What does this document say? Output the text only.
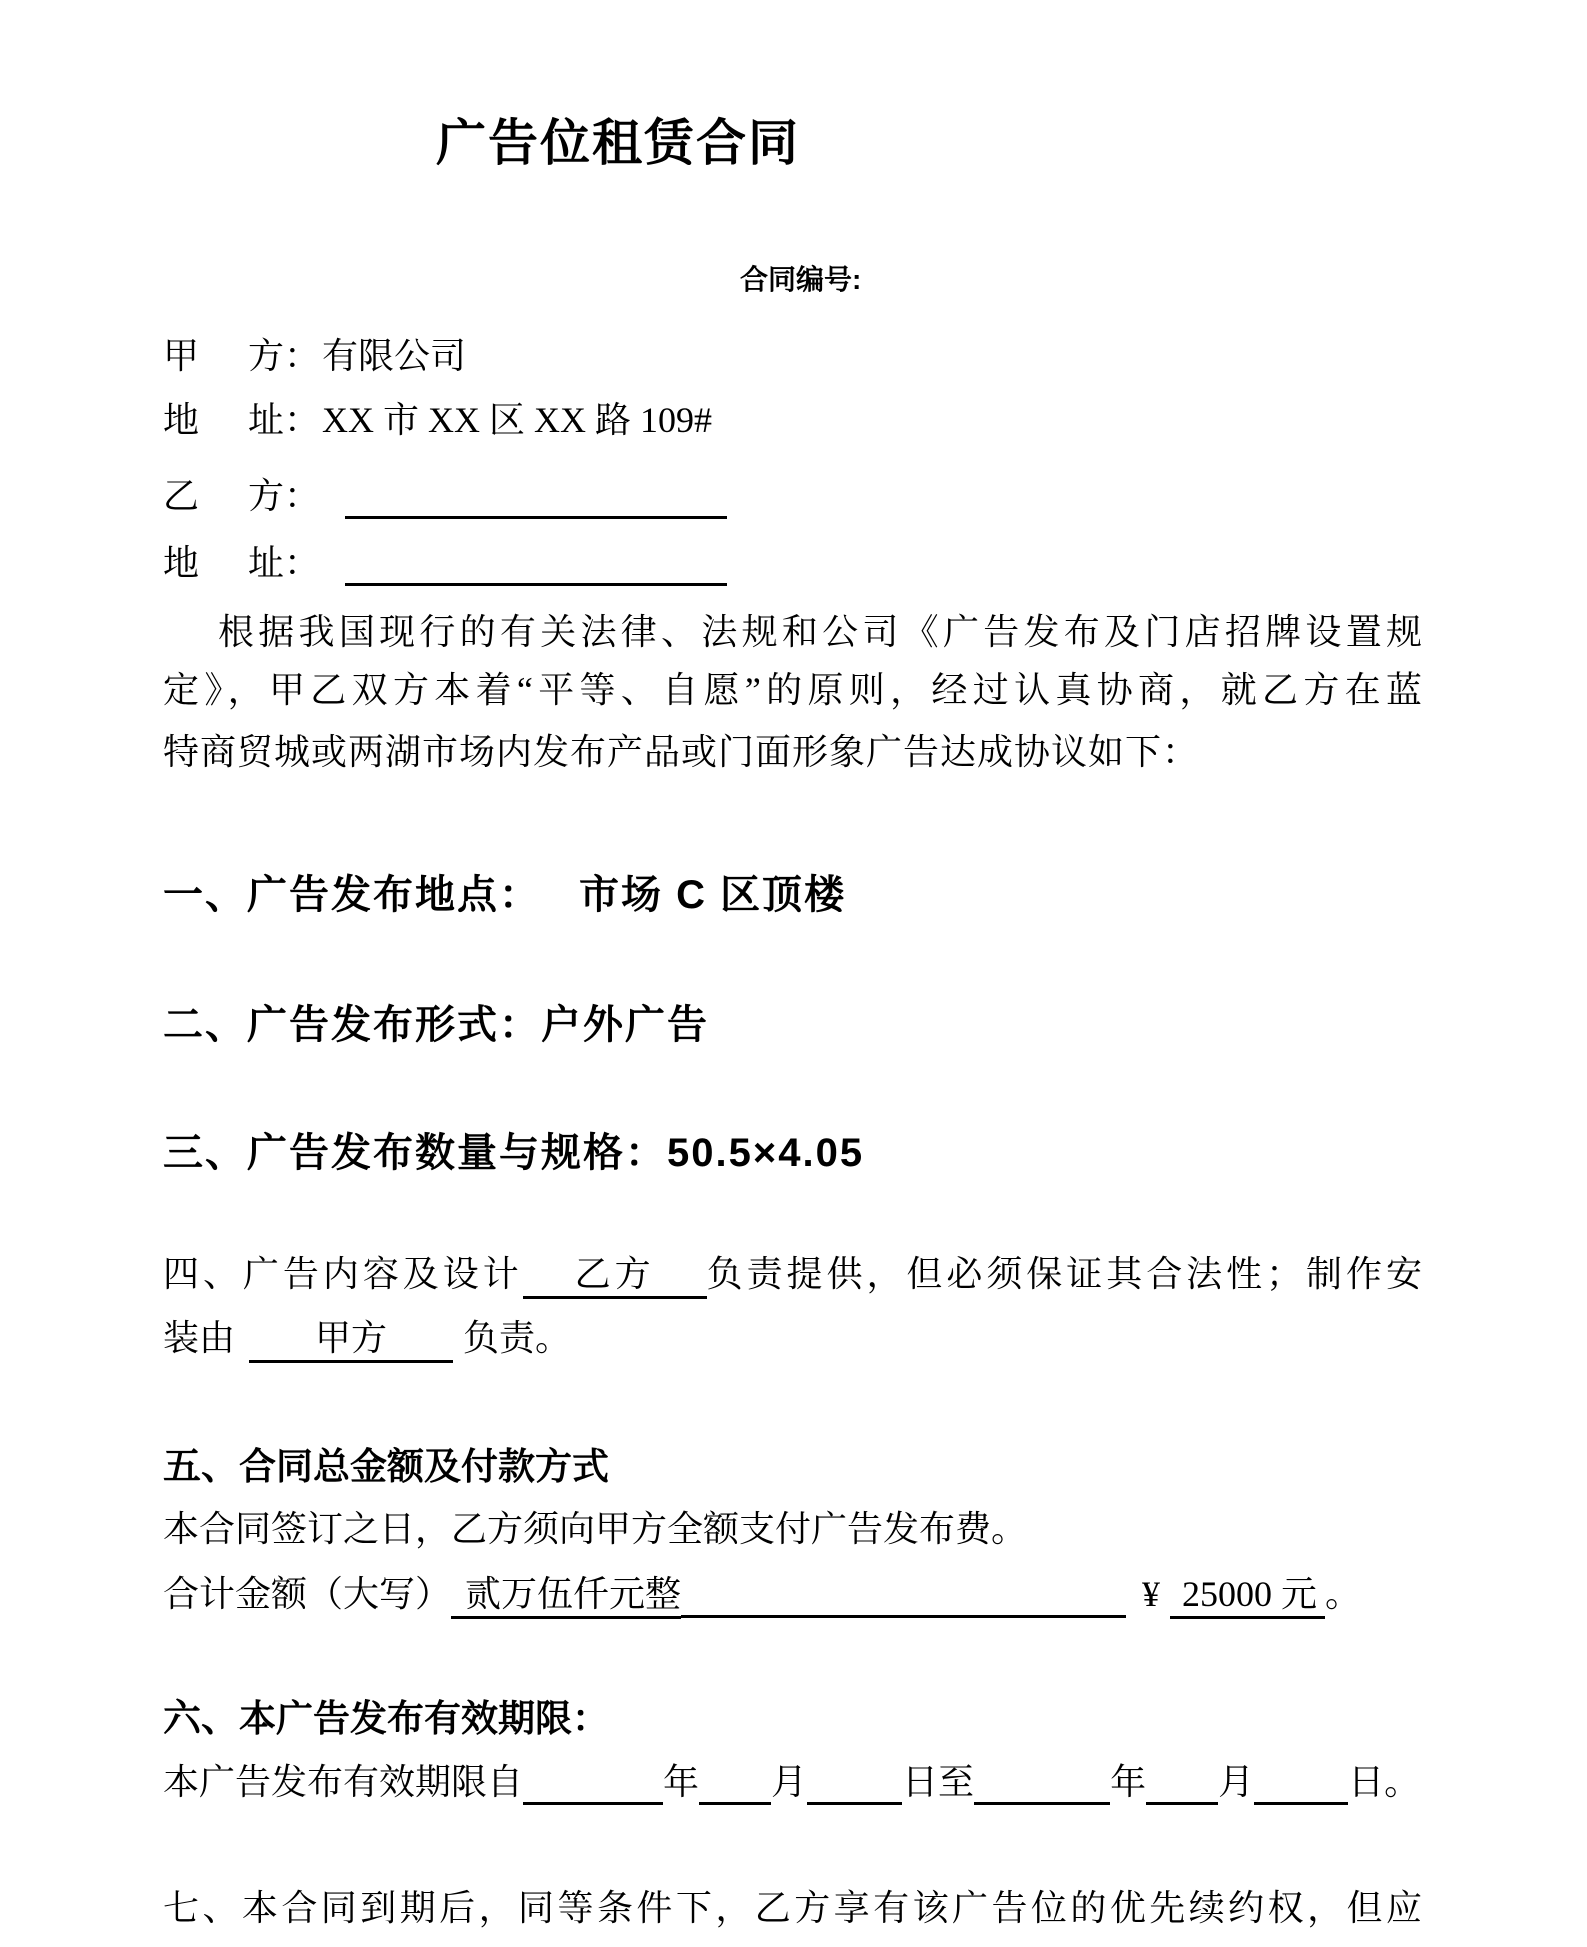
广告位租赁合同
合同编号:
甲 方：有限公司
地 址：XX 市 XX 区 XX 路 109#
乙 方：
地 址：
根据我国现行的有关法律、法规和公司《广告发布及门店招牌设置规
定》，甲乙双方本着“平等、自愿”的原则，经过认真协商，就乙方在蓝
特商贸城或两湖市场内发布产品或门面形象广告达成协议如下：
一、广告发布地点： 市场 C 区顶楼
二、广告发布形式：户外广告
三、广告发布数量与规格：50.5×4.05
四、广告内容及设计 乙方 负责提供，但必须保证其合法性；制作安
装由 甲方 负责。
五、合同总金额及付款方式
本合同签订之日，乙方须向甲方全额支付广告发布费。
合计金额（大写） 贰万伍仟元整	¥ 25000 元 。
六、本广告发布有效期限：
本广告发布有效期限自	年 月	日至	年 月	日。
七、本合同到期后，同等条件下，乙方享有该广告位的优先续约权，但应
